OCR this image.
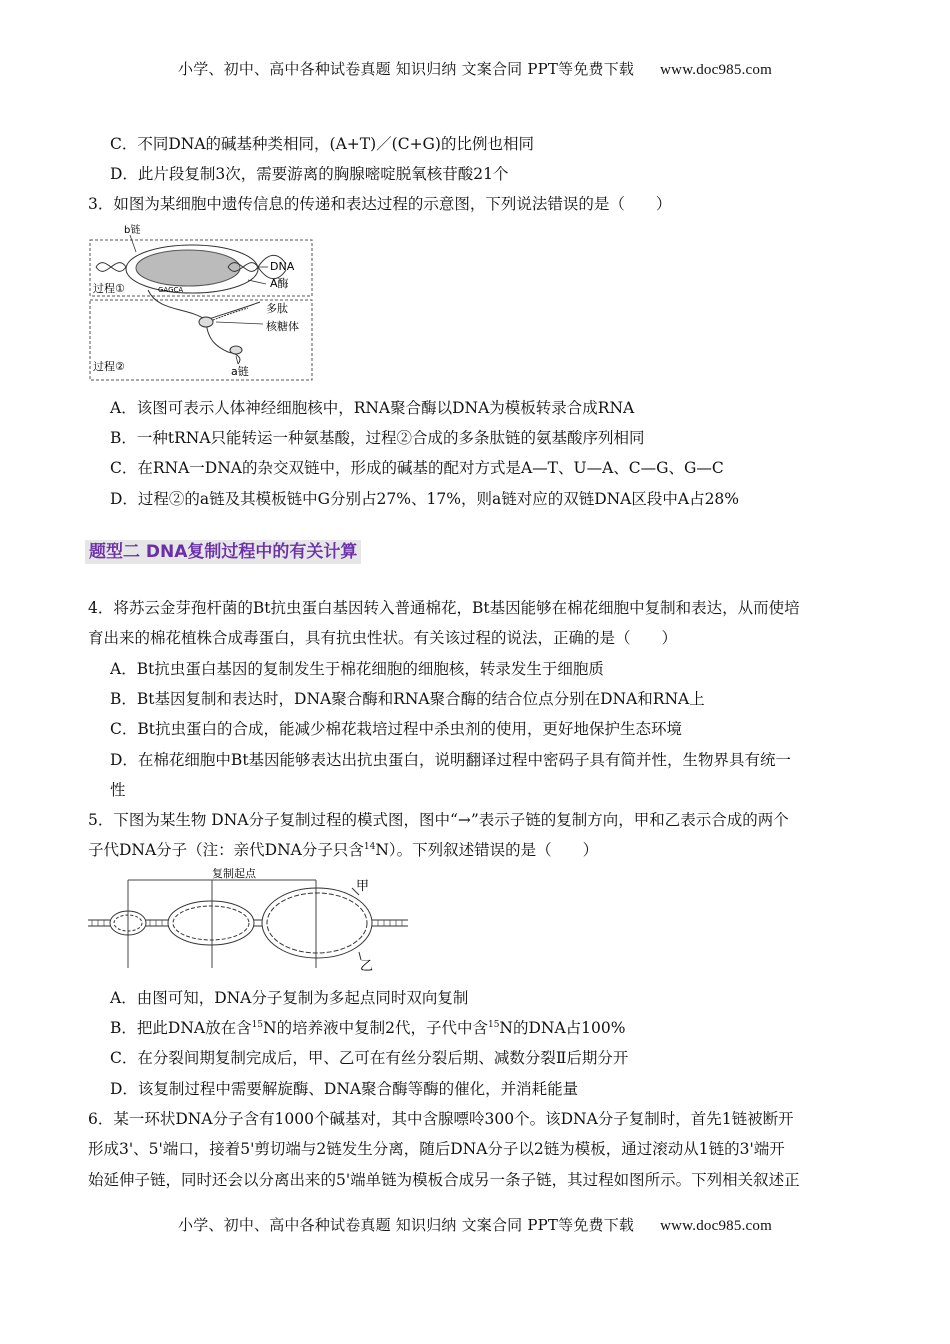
小学、初中、高中各种试卷真题 知识归纳 文案合同 PPT等免费下载 www.doc985.com
C．不同DNA的碱基种类相同，(A+T)／(C+G)的比例也相同
D．此片段复制3次，需要游离的胸腺嘧啶脱氧核苷酸21个
3．如图为某细胞中遗传信息的传递和表达过程的示意图，下列说法错误的是（　　）
b链
DNA
A酶
GAGCA
过程①
多肽
核糖体
过程②	a链
A．该图可表示人体神经细胞核中，RNA聚合酶以DNA为模板转录合成RNA
B．一种tRNA只能转运一种氨基酸，过程②合成的多条肽链的氨基酸序列相同
C．在RNA一DNA的杂交双链中，形成的碱基的配对方式是A—T、U—A、C—G、G—C
D．过程②的a链及其模板链中G分别占27%、17%，则a链对应的双链DNA区段中A占28%
题型二 DNA复制过程中的有关计算
4．将苏云金芽孢杆菌的Bt抗虫蛋白基因转入普通棉花，Bt基因能够在棉花细胞中复制和表达，从而使培
育出来的棉花植株合成毒蛋白，具有抗虫性状。有关该过程的说法，正确的是（　　）
A．Bt抗虫蛋白基因的复制发生于棉花细胞的细胞核，转录发生于细胞质
B．Bt基因复制和表达时，DNA聚合酶和RNA聚合酶的结合位点分别在DNA和RNA上
C．Bt抗虫蛋白的合成，能减少棉花栽培过程中杀虫剂的使用，更好地保护生态环境
D．在棉花细胞中Bt基因能够表达出抗虫蛋白，说明翻译过程中密码子具有简并性，生物界具有统一
性
5．下图为某生物 DNA分子复制过程的模式图，图中“→”表示子链的复制方向，甲和乙表示合成的两个
子代DNA分子（注：亲代DNA分子只含$^{14}$N）。下列叙述错误的是（　　）
复制起点
甲
乙
A．由图可知，DNA分子复制为多起点同时双向复制
B．把此DNA放在含$^{15}$N的培养液中复制2代，子代中含$^{15}$N的DNA占100%
C．在分裂间期复制完成后，甲、乙可在有丝分裂后期、减数分裂Ⅱ后期分开
D．该复制过程中需要解旋酶、DNA聚合酶等酶的催化，并消耗能量
6．某一环状DNA分子含有1000个碱基对，其中含腺嘌呤300个。该DNA分子复制时，首先1链被断开
形成3'、5'端口，接着5'剪切端与2链发生分离，随后DNA分子以2链为模板，通过滚动从1链的3'端开
始延伸子链，同时还会以分离出来的5'端单链为模板合成另一条子链，其过程如图所示。下列相关叙述正
小学、初中、高中各种试卷真题 知识归纳 文案合同 PPT等免费下载 www.doc985.com
